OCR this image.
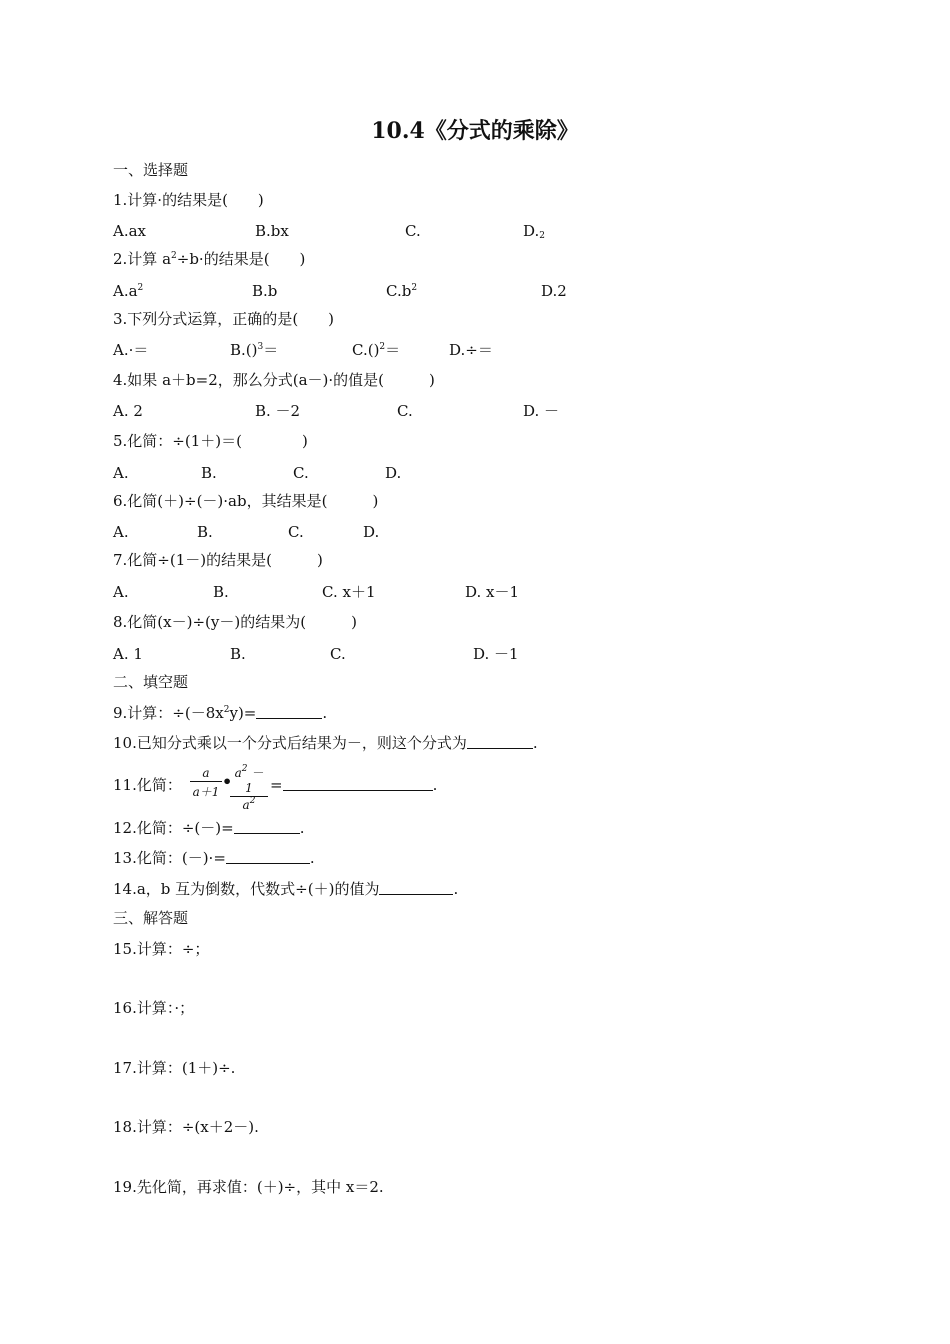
10.4《分式的乘除》
一、选择题
1.计算·的结果是(　　)
A.ax	B.bx	C.	$D._2$
2.计算 $a^2\div b\cdot$的结果是(　　)
$A.a^2$	B.b	$C.b^2$	D.2
3.下列分式运算，正确的是(　　)
A.·＝	B.()$^3$＝	C.()$^2$＝	D.÷＝
4.如果 a＋b=2，那么分式(a－)·的值是(　　　)
A. 2	B. －2	C.	D. －
5.化简：÷(1＋)＝(　　　　)
A.	B.	C.	D.
6.化简(＋)÷(－)·ab，其结果是(　　　)
A.	B.	C.	D.
7.化简÷(1－)的结果是(　　　)
A.	B.	C. x＋1	D. x－1
8.化简(x－)÷(y－)的结果为(　　　)
A. 1	B.	C.	D. －1
二、填空题
9.计算：$\div(-8x^2y)=$	.
10.已知分式乘以一个分式后结果为－，则这个分式为	.
11.化简： $\frac{a}{a+1}$ •
$\frac{a^2 -1}{a^2}$ =	.
12.化简：÷(－)=	.
13.化简：(－)·=	.
14.a，b 互为倒数，代数式÷(＋)的值为	.
三、解答题
15.计算：÷；
16.计算：·；
17.计算：(1＋)÷.
18.计算：÷(x＋2－).
19.先化简，再求值：(＋)÷，其中 x＝2.
